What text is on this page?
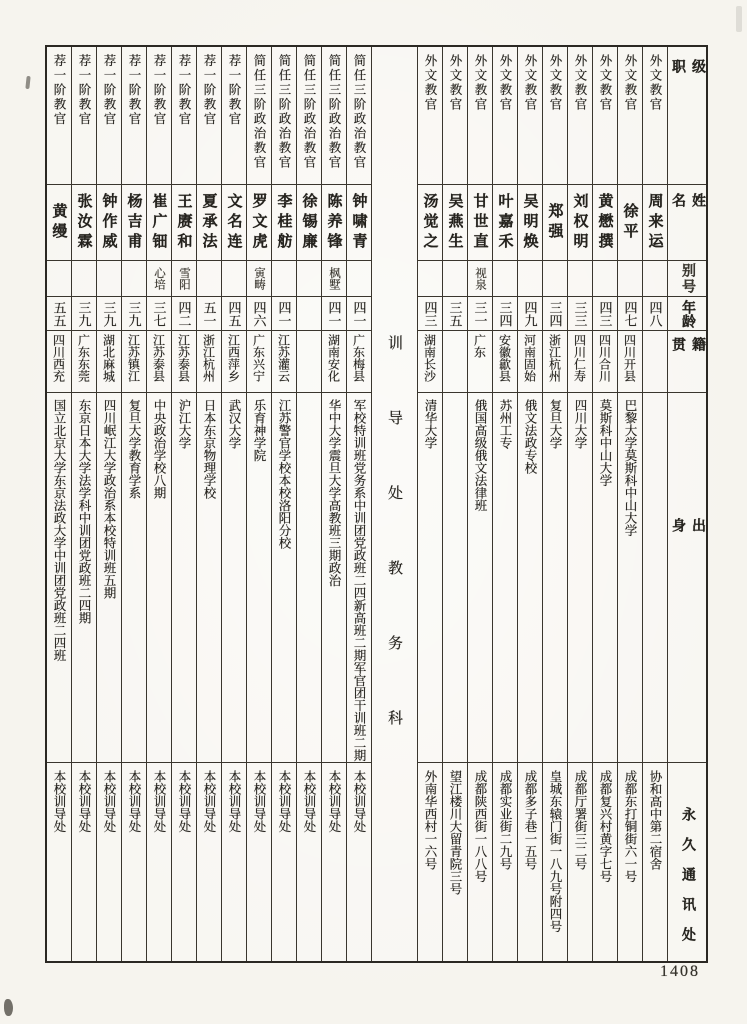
荐一阶教官
黄缦
五五
四川西充
国立北京大学东京法政大学中训团党政班二四班
本校训导处
荐一阶教官
张汝霖
三九
广东东莞
东京日本大学法学科中训团党政班二四期
本校训导处
荐一阶教官
钟作威
三九
湖北麻城
四川岷江大学政治系本校特训班五期
本校训导处
荐一阶教官
杨吉甫
三九
江苏镇江
复旦大学教育学系
本校训导处
荐一阶教官
崔广钿
心培
三七
江苏泰县
中央政治学校八期
本校训导处
荐一阶教官
王赓和
雪阳
四二
江苏泰县
沪江大学
本校训导处
荐一阶教官
夏承法
五一
浙江杭州
日本东京物理学校
本校训导处
荐一阶教官
文名连
四五
江西萍乡
武汉大学
本校训导处
简任三阶政治教官
罗文虎
寅畴
四六
广东兴宁
乐育神学院
本校训导处
简任三阶政治教官
李桂舫
四一
江苏灌云
江苏警官学校本校洛阳分校
本校训导处
简任三阶政治教官
徐锡廉
本校训导处
简任三阶政治教官
陈养锋
枫墅
四一
湖南安化
华中大学震旦大学高教班三期政治
本校训导处
简任三阶政治教官
钟啸青
四一
广东梅县
军校特训班党务系中训团党政班二四新高班二期军官团干训班二期
本校训导处
训导处教务科
外文教官
汤觉之
四三
湖南长沙
清华大学
外南华西村一六号
外文教官
吴燕生
三五
望江楼川大留青院三号
外文教官
甘世直
视泉
三一
广东
俄国高级俄文法律班
成都陕西街一八八号
外文教官
叶嘉禾
三四
安徽歙县
苏州工专
成都实业街二九号
外文教官
吴明焕
四九
河南固始
俄文法政专校
成都多子巷一五号
外文教官
郑强
三四
浙江杭州
复旦大学
皇城东辕门街一八九号附四号
外文教官
刘权明
三三
四川仁寿
四川大学
成都厅署街三二号
外文教官
黄懋撰
四三
四川合川
莫斯科中山大学
成都复兴村黄字七号
外文教官
徐平
四七
四川开县
巴黎大学莫斯科中山大学
成都东打铜街六一号
外文教官
周来运
四八
协和高中第二宿舍
级职
姓名
别号
年龄
籍贯
出身
永久通讯处
1408
